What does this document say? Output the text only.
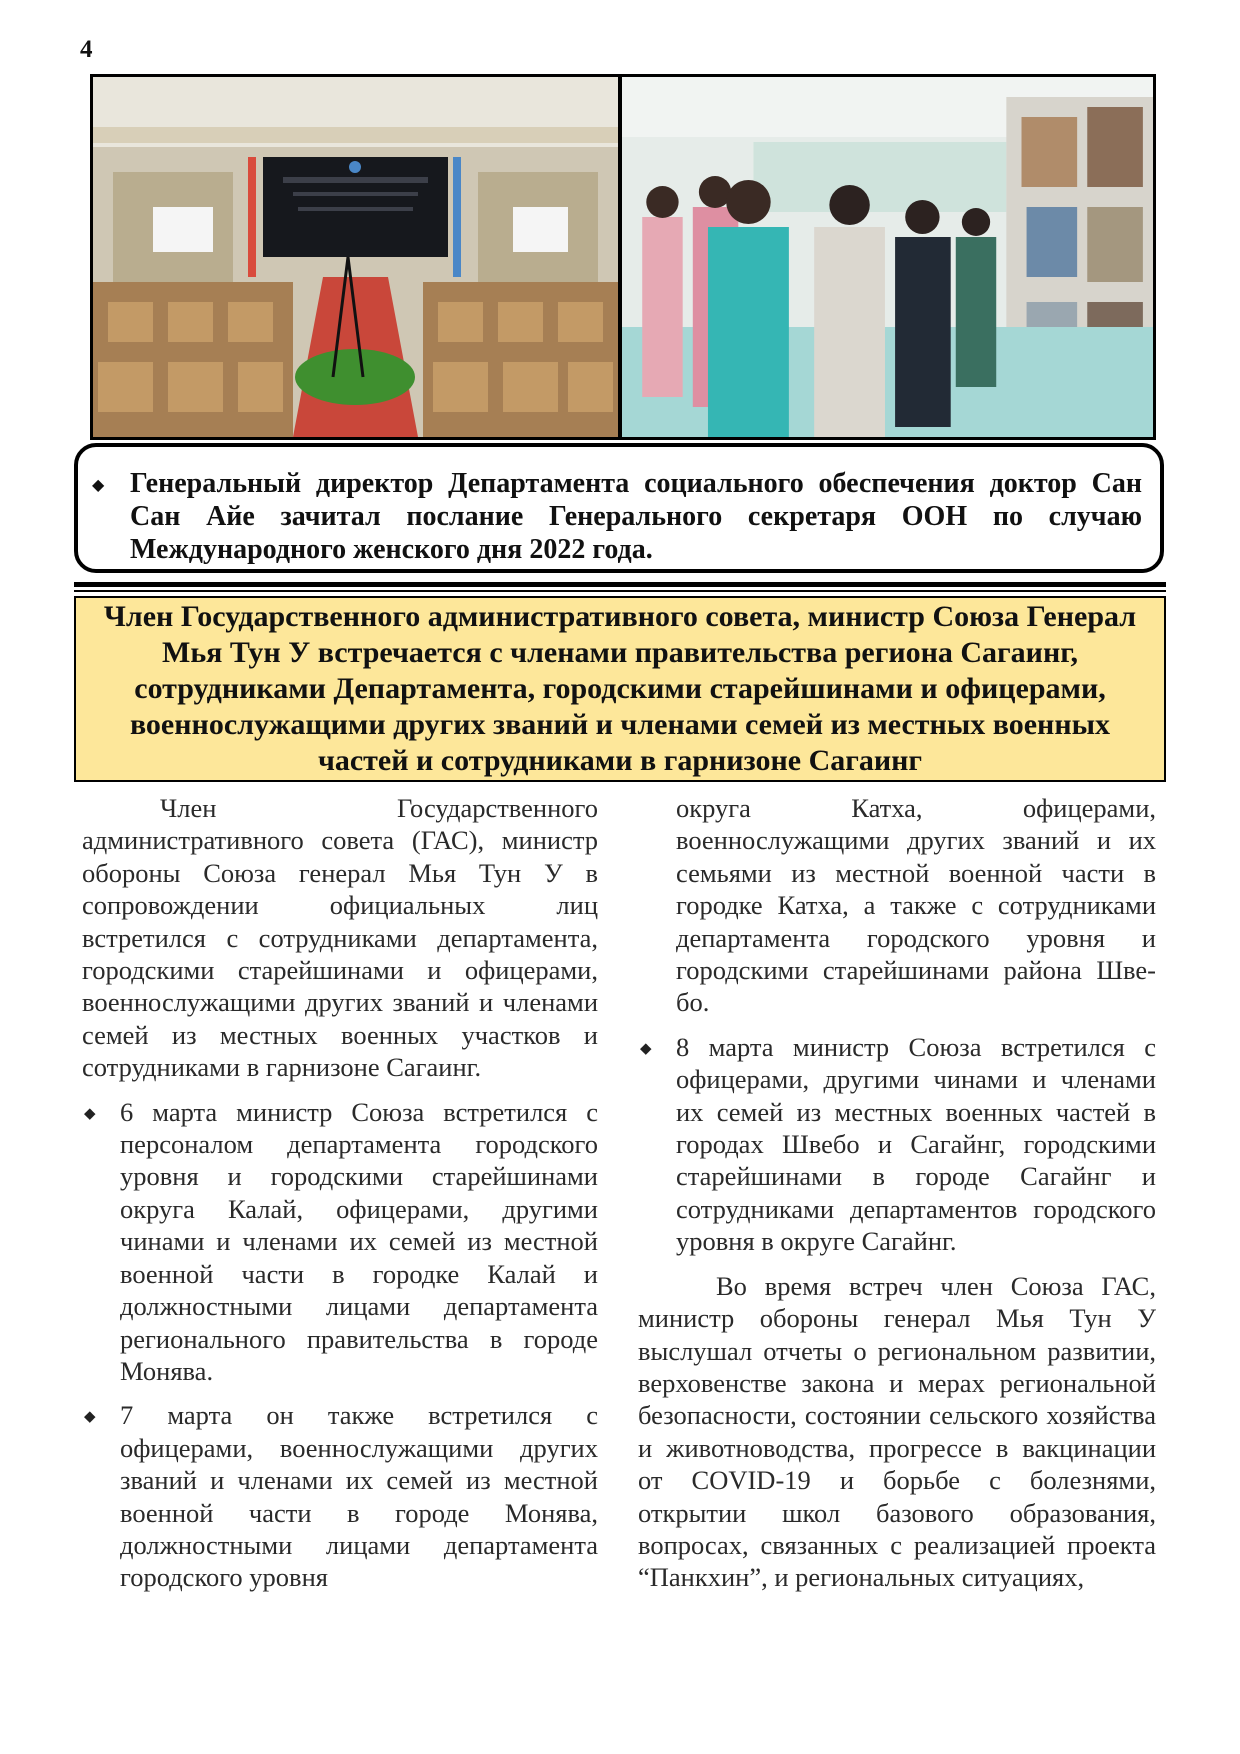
4
◆ Генеральный директор Департамента социального обеспечения доктор Сан Сан Айе зачитал послание Генерального секретаря ООН по случаю Международного женского дня 2022 года.

Член Государственного административного совета, министр Союза Генерал Мья Тун У встречается с членами правительства региона Сагаинг, сотрудниками Департамента, городскими старейшинами и офицерами, военнослужащими других званий и членами семей из местных военных частей и сотрудниками в гарнизоне Сагаинг

Член Государственного административного совета (ГАС), министр обороны Союза генерал Мья Тун У в сопровождении официальных лиц встретился с сотрудниками департамента, городскими старейшинами и офицерами, военнослужащими других званий и членами семей из местных военных участков и сотрудниками в гарнизоне Сагаинг.

◆ 6 марта министр Союза встретился с персоналом департамента городского уровня и городскими старейшинами округа Калай, офицерами, другими чинами и членами их семей из местной военной части в городке Калай и должностными лицами департамента регионального правительства в городе Монява.
◆ 7 марта он также встретился с офицерами, военнослужащими других званий и членами их семей из местной военной части в городе Монява, должностными лицами департамента городского уровня

округа Катха, офицерами, военнослужащими других званий и их семьями из местной военной части в городке Катха, а также с сотрудниками департамента городского уровня и городскими старейшинами района Швебо.

◆ 8 марта министр Союза встретился с офицерами, другими чинами и членами их семей из местных военных частей в городах Швебо и Сагайнг, городскими старейшинами в городе Сагайнг и сотрудниками департаментов городского уровня в округе Сагайнг.

Во время встреч член Союза ГАС, министр обороны генерал Мья Тун У выслушал отчеты о региональном развитии, верховенстве закона и мерах региональной безопасности, состоянии сельского хозяйства и животноводства, прогрессе в вакцинации от COVID-19 и борьбе с болезнями, открытии школ базового образования, вопросах, связанных с реализацией проекта “Панкхин”, и региональных ситуациях,
